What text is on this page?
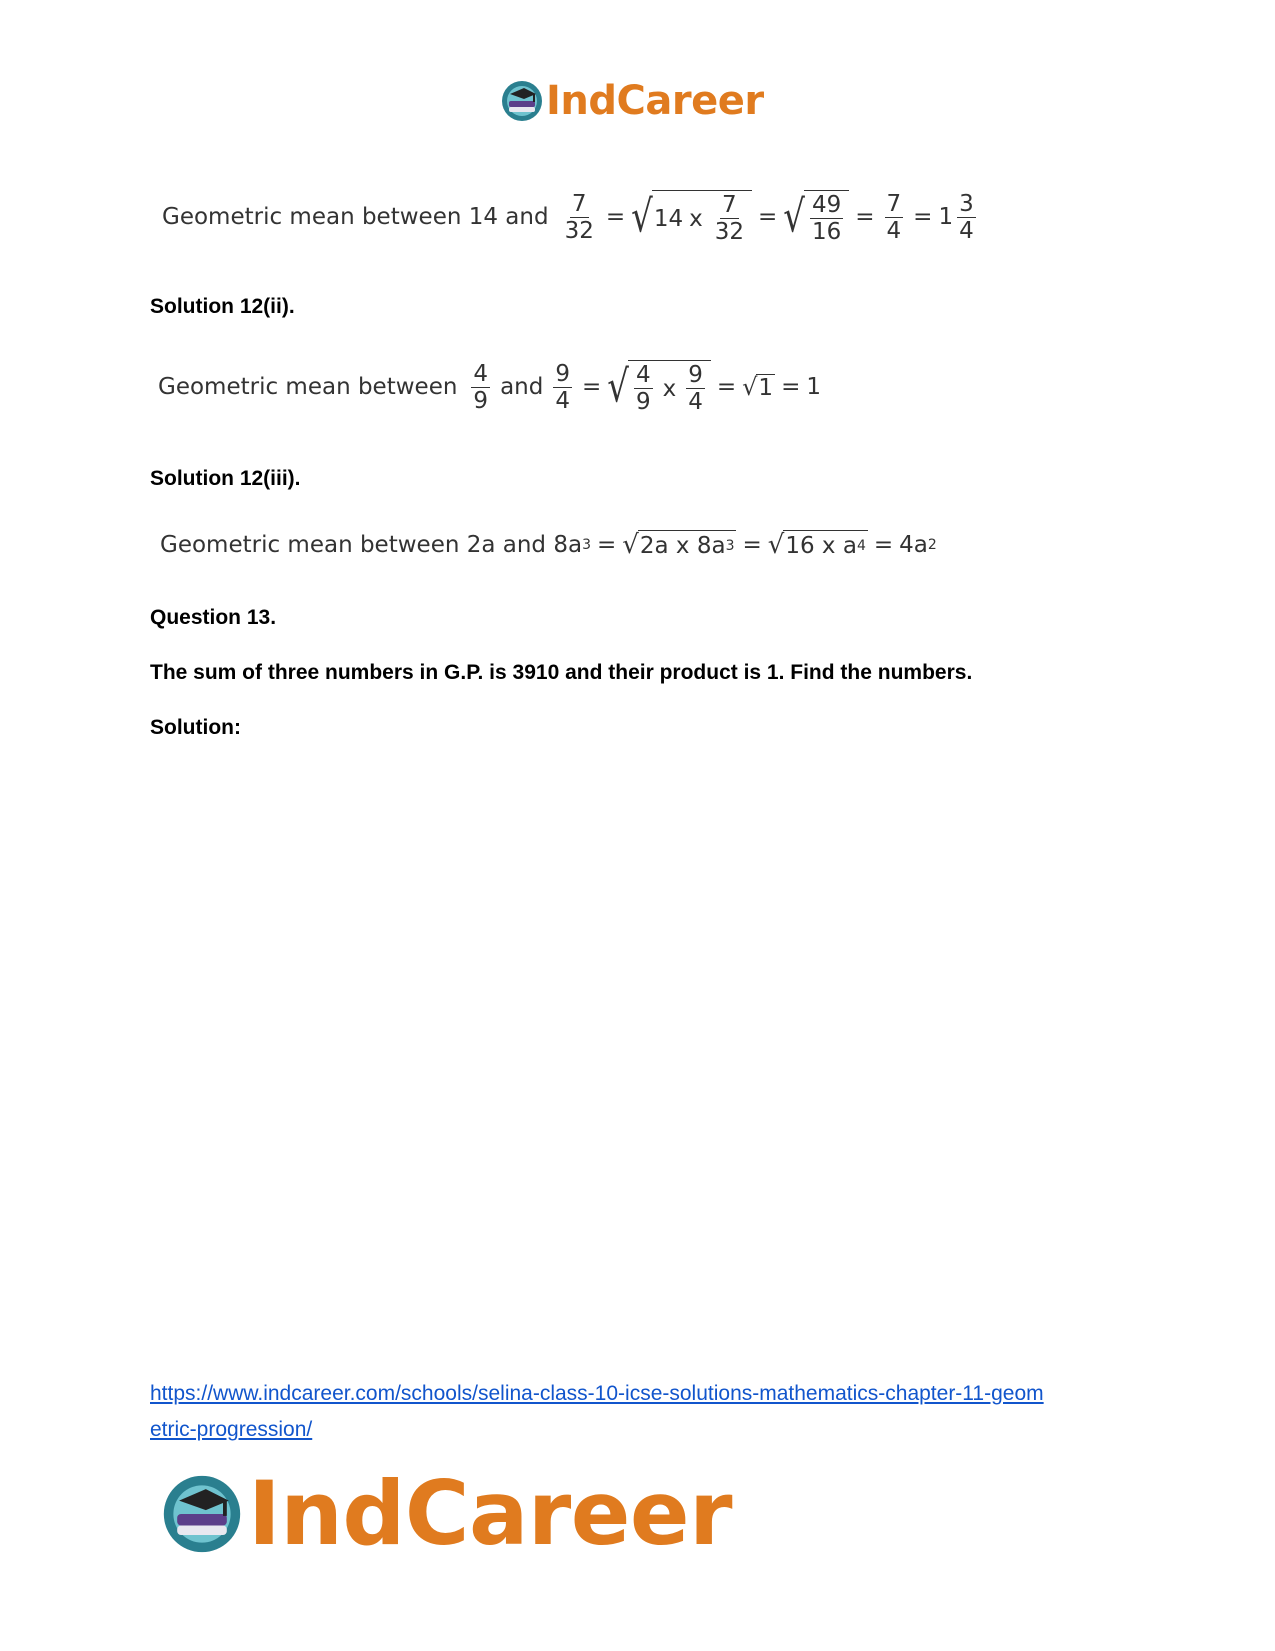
IndCareer
Geometric mean between 14 and $\frac{7}{32}$ = √ 14 x $\frac{7}{32}$ = √ $\frac{49}{16} = \frac{7}{4} = 1 \frac{3}{4}$
Solution 12(ii).
Geometric mean between $\frac{4}{9}$ and $\frac{9}{4}$ = √ $\frac{4}{9}$ x $\frac{9}{4}$ = √ 1 = 1
Solution 12(iii).
Geometric mean between 2a and 8a 3 = √ 2a x 8a 3 = √ 16 x a 4 = 4a 2
Question 13.
The sum of three numbers in G.P. is 3910 and their product is 1. Find the numbers.
Solution:
https://www.indcareer.com/schools/selina-class-10-icse-solutions-mathematics-chapter-11-geom
etric-progression/
IndCareer
